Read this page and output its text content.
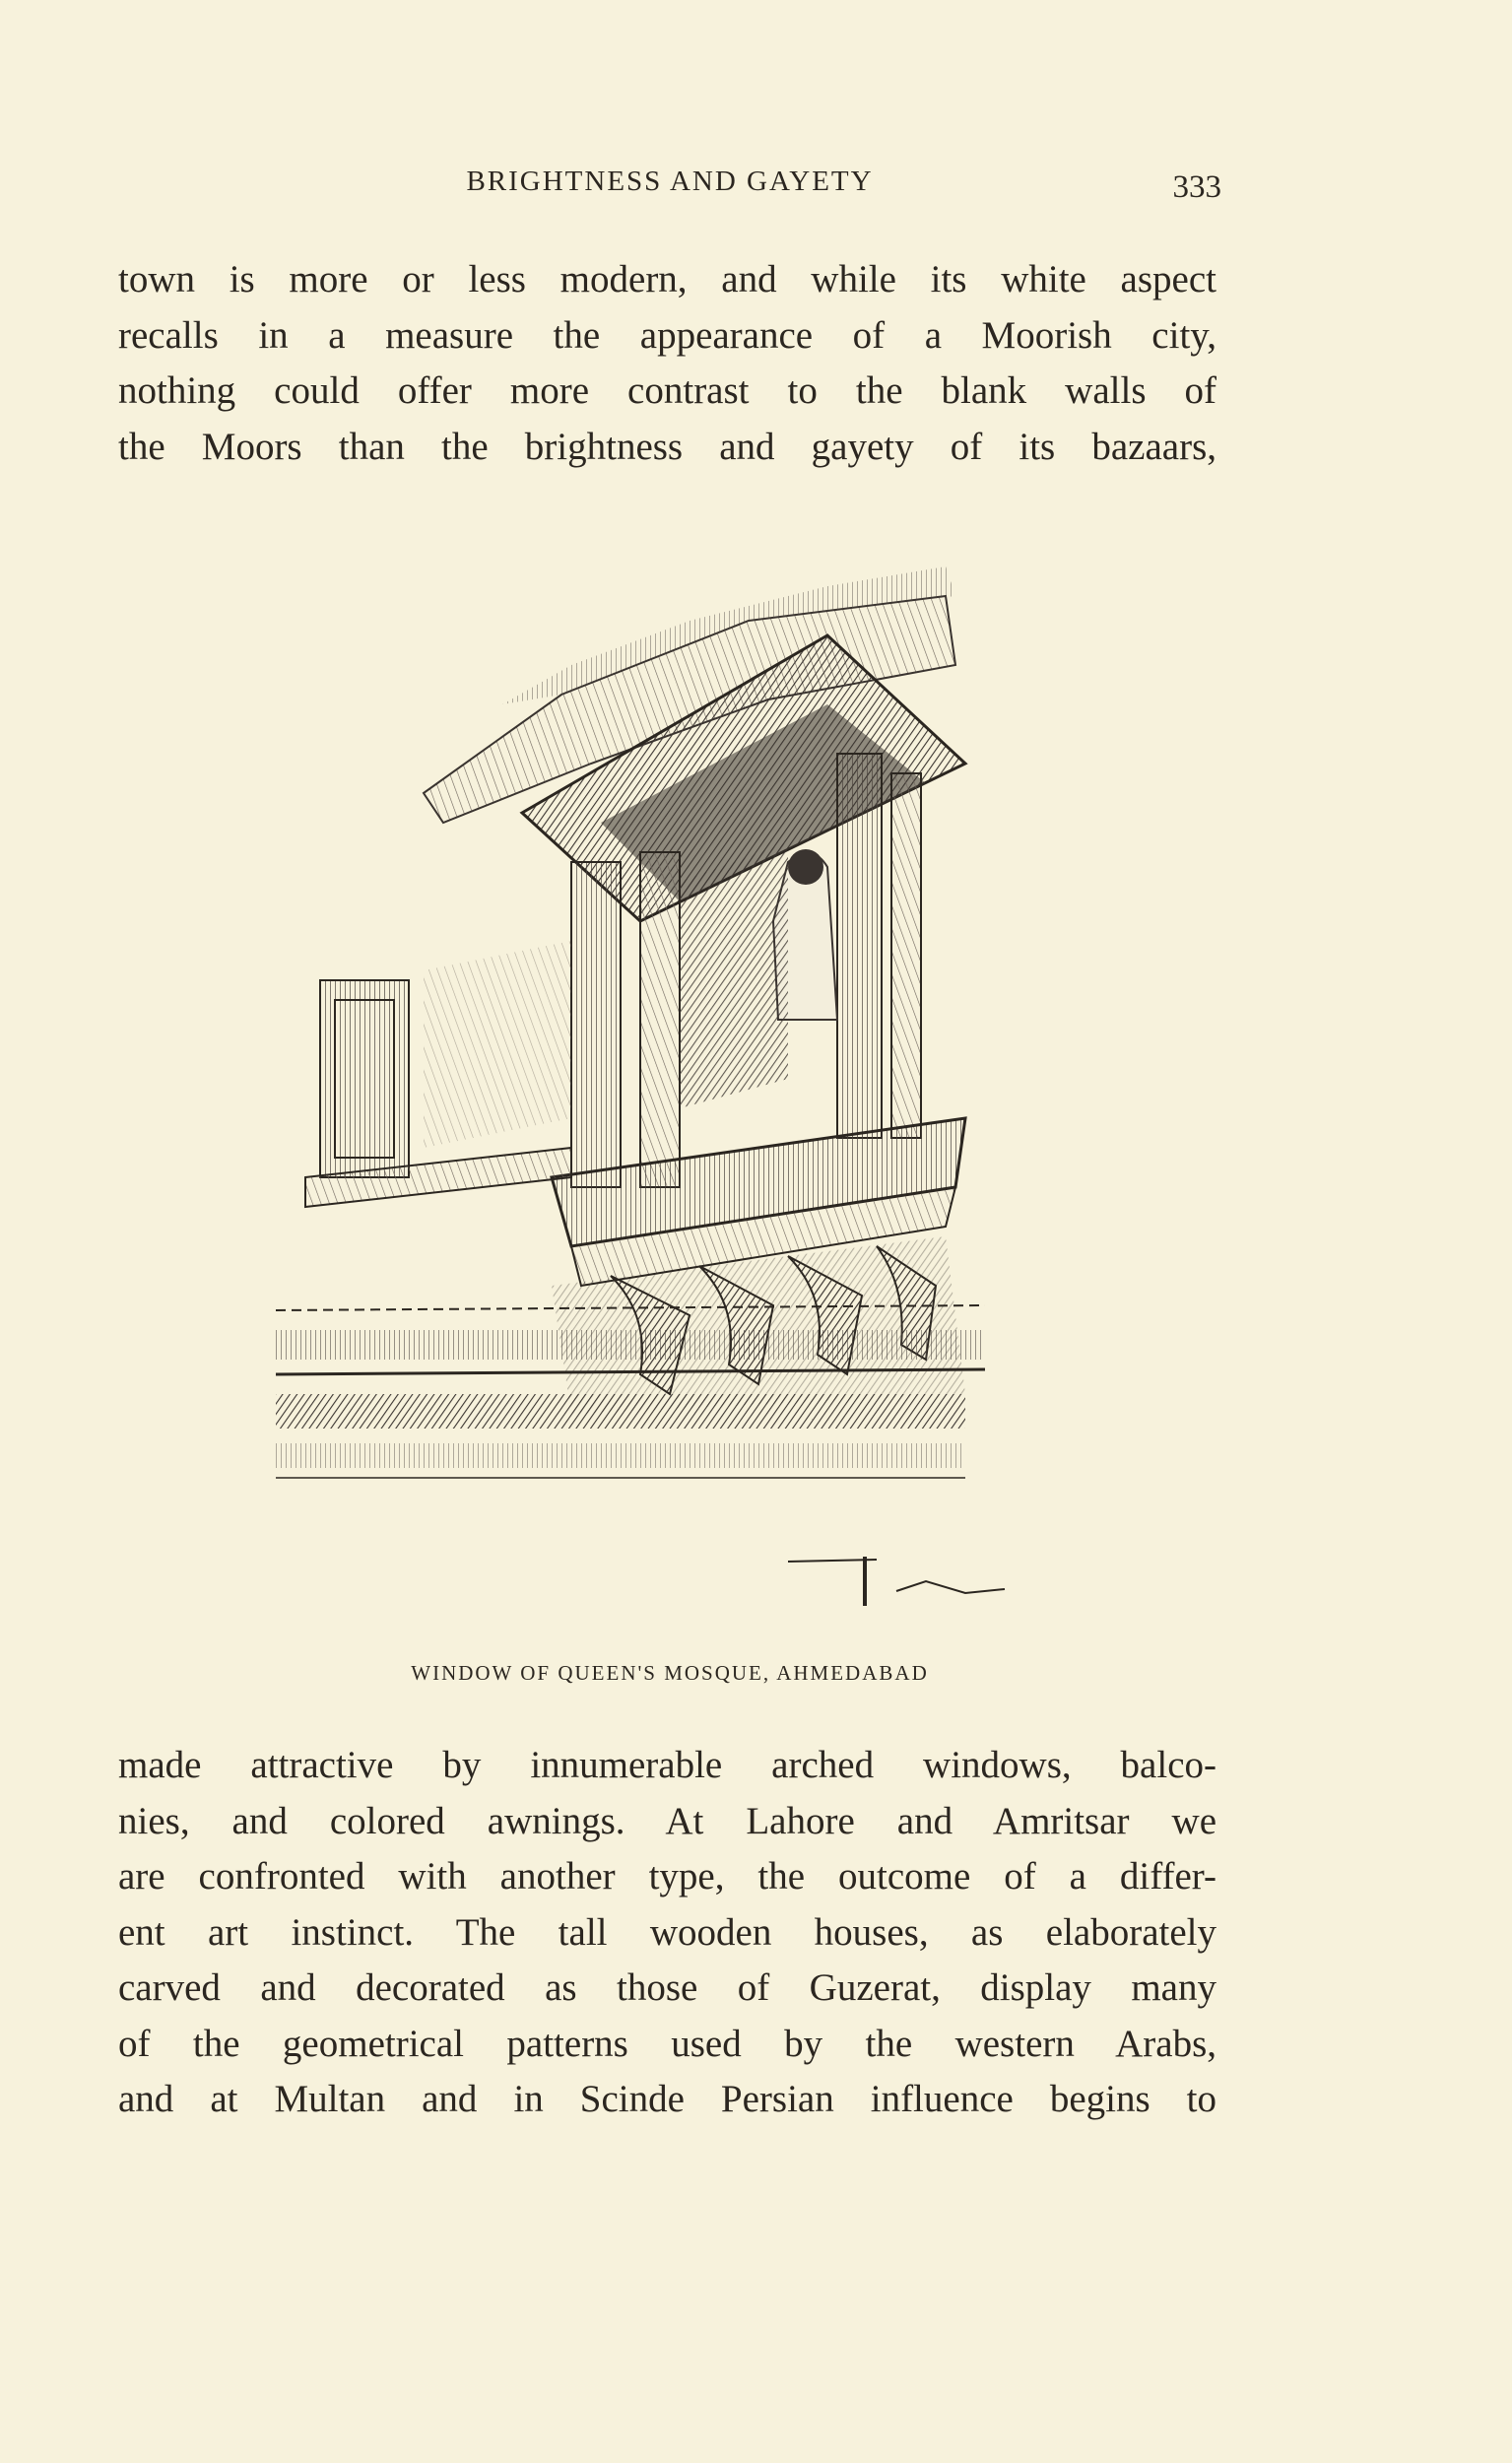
BRIGHTNESS AND GAYETY	333
town is more or less modern, and while its white aspect
recalls in a measure the appearance of a Moorish city,
nothing could offer more contrast to the blank walls of
the Moors than the brightness and gayety of its bazaars,
WINDOW OF QUEEN'S MOSQUE, AHMEDABAD
made attractive by innumerable arched windows, balco-
nies, and colored awnings. At Lahore and Amritsar we
are confronted with another type, the outcome of a differ-
ent art instinct. The tall wooden houses, as elaborately
carved and decorated as those of Guzerat, display many
of the geometrical patterns used by the western Arabs,
and at Multan and in Scinde Persian influence begins to
